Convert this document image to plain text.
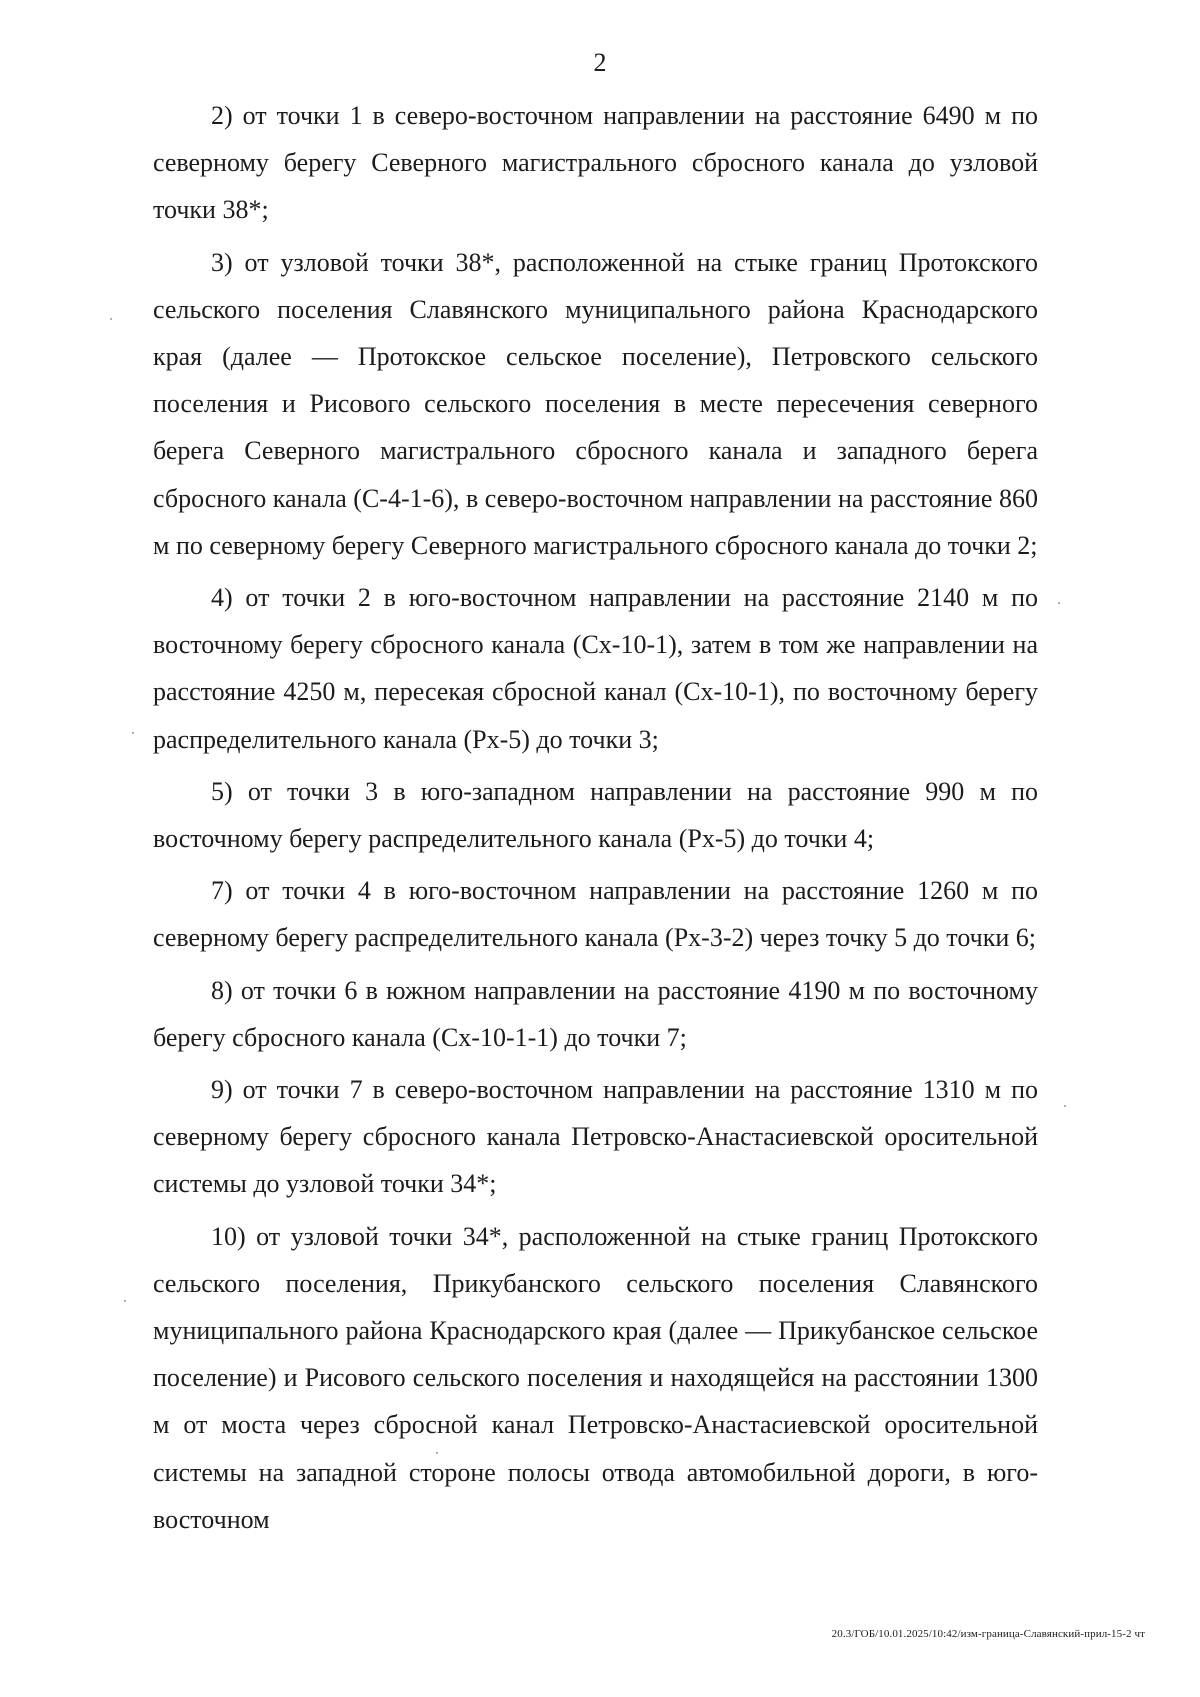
2

2) от точки 1 в северо-восточном направлении на расстояние 6490 м по северному берегу Северного магистрального сбросного канала до узловой точки 38*;

3) от узловой точки 38*, расположенной на стыке границ Протокского сельского поселения Славянского муниципального района Краснодарского края (далее — Протокское сельское поселение), Петровского сельского поселения и Рисового сельского поселения в месте пересечения северного берега Северного магистрального сбросного канала и западного берега сбросного канала (С-4-1-6), в северо-восточном направлении на расстояние 860 м по северному берегу Северного магистрального сбросного канала до точки 2;

4) от точки 2 в юго-восточном направлении на расстояние 2140 м по восточному берегу сбросного канала (Сх-10-1), затем в том же направлении на расстояние 4250 м, пересекая сбросной канал (Сх-10-1), по восточному берегу распределительного канала (Рх-5) до точки 3;

5) от точки 3 в юго-западном направлении на расстояние 990 м по восточному берегу распределительного канала (Рх-5) до точки 4;

7) от точки 4 в юго-восточном направлении на расстояние 1260 м по северному берегу распределительного канала (Рх-3-2) через точку 5 до точки 6;

8) от точки 6 в южном направлении на расстояние 4190 м по восточному берегу сбросного канала (Сх-10-1-1) до точки 7;

9) от точки 7 в северо-восточном направлении на расстояние 1310 м по северному берегу сбросного канала Петровско-Анастасиевской оросительной системы до узловой точки 34*;

10) от узловой точки 34*, расположенной на стыке границ Протокского сельского поселения, Прикубанского сельского поселения Славянского муниципального района Краснодарского края (далее — Прикубанское сельское поселение) и Рисового сельского поселения и находящейся на расстоянии 1300 м от моста через сбросной канал Петровско-Анастасиевской оросительной системы на западной стороне полосы отвода автомобильной дороги, в юго-восточном

20.3/ГОБ/10.01.2025/10:42/изм-граница-Славянский-прил-15-2 чт
